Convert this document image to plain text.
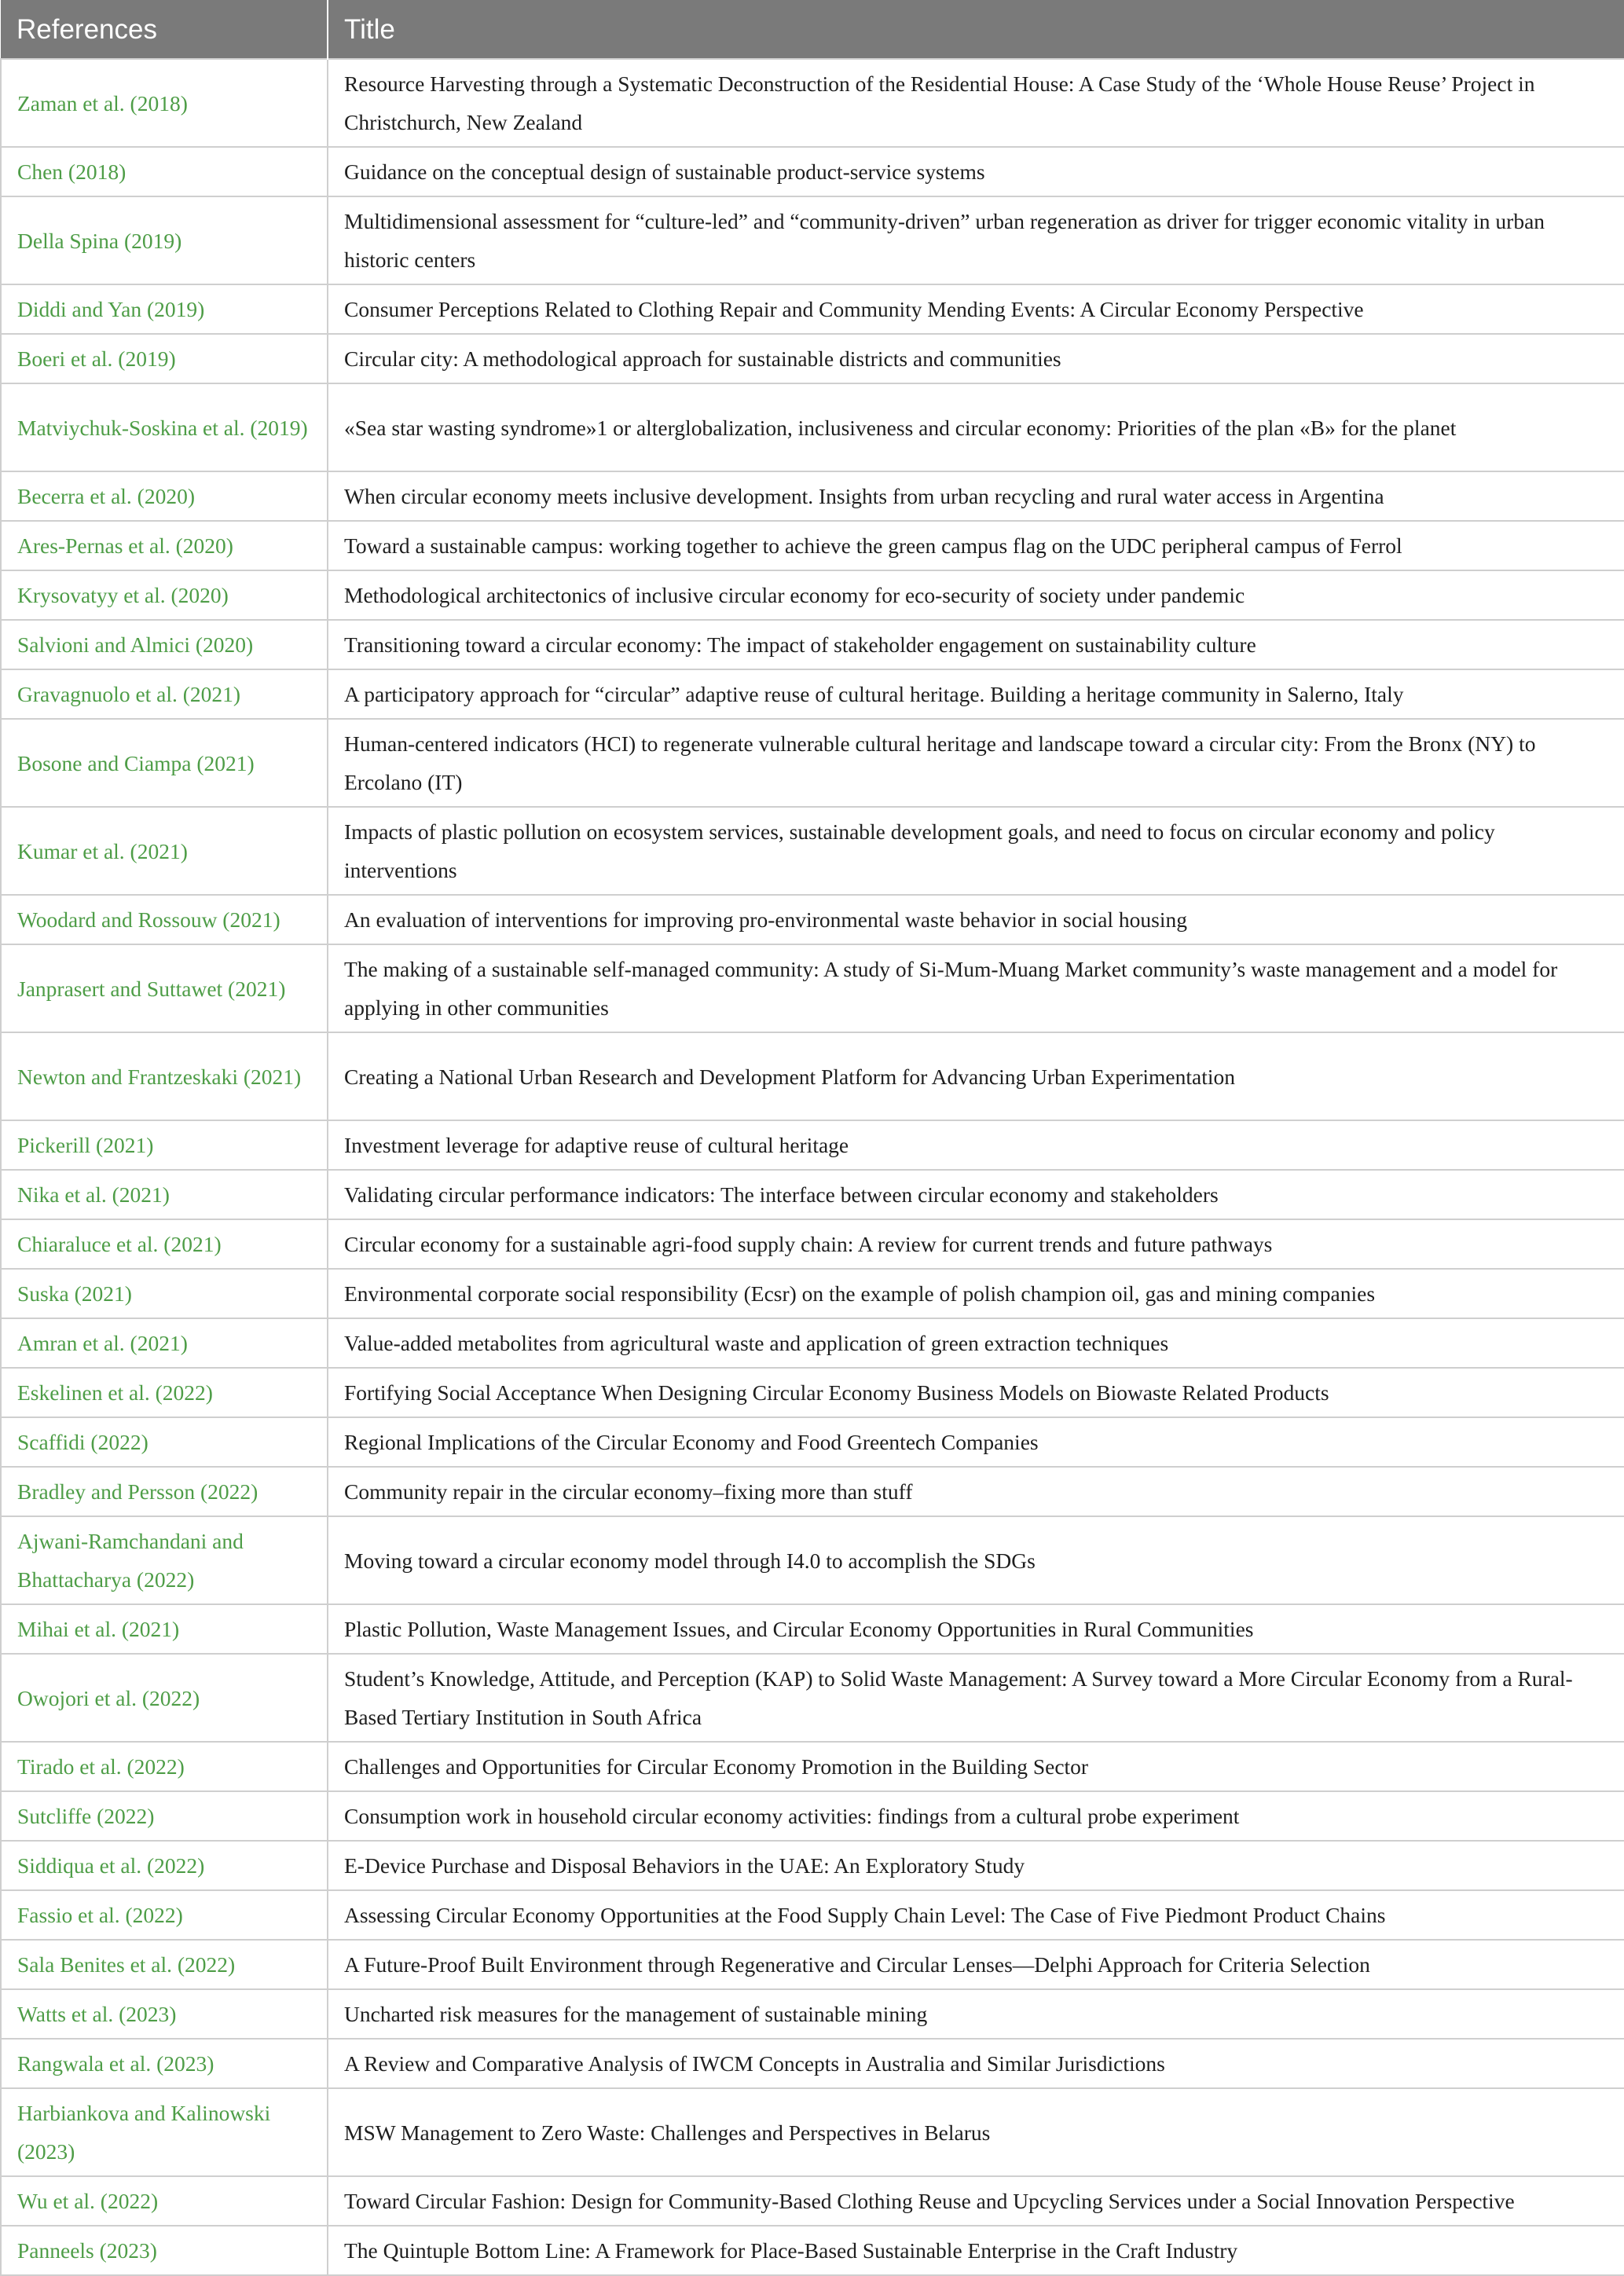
References	Title
Zaman et al. (2018)	Resource Harvesting through a Systematic Deconstruction of the Residential House: A Case Study of the ‘Whole House Reuse’ Project in Christchurch, New Zealand
Chen (2018)	Guidance on the conceptual design of sustainable product-service systems
Della Spina (2019)	Multidimensional assessment for “culture-led” and “community-driven” urban regeneration as driver for trigger economic vitality in urban historic centers
Diddi and Yan (2019)	Consumer Perceptions Related to Clothing Repair and Community Mending Events: A Circular Economy Perspective
Boeri et al. (2019)	Circular city: A methodological approach for sustainable districts and communities
Matviychuk-Soskina et al. (2019)	«Sea star wasting syndrome»1 or alterglobalization, inclusiveness and circular economy: Priorities of the plan «B» for the planet
Becerra et al. (2020)	When circular economy meets inclusive development. Insights from urban recycling and rural water access in Argentina
Ares-Pernas et al. (2020)	Toward a sustainable campus: working together to achieve the green campus flag on the UDC peripheral campus of Ferrol
Krysovatyy et al. (2020)	Methodological architectonics of inclusive circular economy for eco-security of society under pandemic
Salvioni and Almici (2020)	Transitioning toward a circular economy: The impact of stakeholder engagement on sustainability culture
Gravagnuolo et al. (2021)	A participatory approach for “circular” adaptive reuse of cultural heritage. Building a heritage community in Salerno, Italy
Bosone and Ciampa (2021)	Human-centered indicators (HCI) to regenerate vulnerable cultural heritage and landscape toward a circular city: From the Bronx (NY) to Ercolano (IT)
Kumar et al. (2021)	Impacts of plastic pollution on ecosystem services, sustainable development goals, and need to focus on circular economy and policy interventions
Woodard and Rossouw (2021)	An evaluation of interventions for improving pro-environmental waste behavior in social housing
Janprasert and Suttawet (2021)	The making of a sustainable self-managed community: A study of Si-Mum-Muang Market community’s waste management and a model for applying in other communities
Newton and Frantzeskaki (2021)	Creating a National Urban Research and Development Platform for Advancing Urban Experimentation
Pickerill (2021)	Investment leverage for adaptive reuse of cultural heritage
Nika et al. (2021)	Validating circular performance indicators: The interface between circular economy and stakeholders
Chiaraluce et al. (2021)	Circular economy for a sustainable agri-food supply chain: A review for current trends and future pathways
Suska (2021)	Environmental corporate social responsibility (Ecsr) on the example of polish champion oil, gas and mining companies
Amran et al. (2021)	Value-added metabolites from agricultural waste and application of green extraction techniques
Eskelinen et al. (2022)	Fortifying Social Acceptance When Designing Circular Economy Business Models on Biowaste Related Products
Scaffidi (2022)	Regional Implications of the Circular Economy and Food Greentech Companies
Bradley and Persson (2022)	Community repair in the circular economy–fixing more than stuff
Ajwani-Ramchandani and Bhattacharya (2022)	Moving toward a circular economy model through I4.0 to accomplish the SDGs
Mihai et al. (2021)	Plastic Pollution, Waste Management Issues, and Circular Economy Opportunities in Rural Communities
Owojori et al. (2022)	Student’s Knowledge, Attitude, and Perception (KAP) to Solid Waste Management: A Survey toward a More Circular Economy from a Rural-Based Tertiary Institution in South Africa
Tirado et al. (2022)	Challenges and Opportunities for Circular Economy Promotion in the Building Sector
Sutcliffe (2022)	Consumption work in household circular economy activities: findings from a cultural probe experiment
Siddiqua et al. (2022)	E-Device Purchase and Disposal Behaviors in the UAE: An Exploratory Study
Fassio et al. (2022)	Assessing Circular Economy Opportunities at the Food Supply Chain Level: The Case of Five Piedmont Product Chains
Sala Benites et al. (2022)	A Future-Proof Built Environment through Regenerative and Circular Lenses—Delphi Approach for Criteria Selection
Watts et al. (2023)	Uncharted risk measures for the management of sustainable mining
Rangwala et al. (2023)	A Review and Comparative Analysis of IWCM Concepts in Australia and Similar Jurisdictions
Harbiankova and Kalinowski (2023)	MSW Management to Zero Waste: Challenges and Perspectives in Belarus
Wu et al. (2022)	Toward Circular Fashion: Design for Community-Based Clothing Reuse and Upcycling Services under a Social Innovation Perspective
Panneels (2023)	The Quintuple Bottom Line: A Framework for Place-Based Sustainable Enterprise in the Craft Industry
